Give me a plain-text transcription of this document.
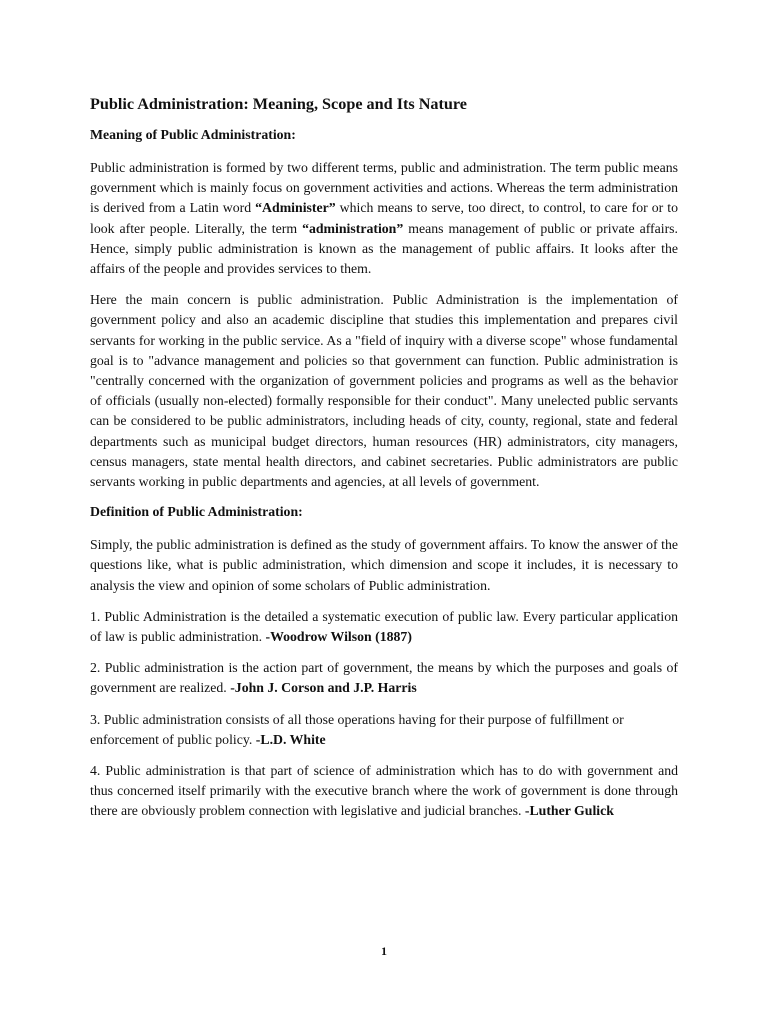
Public Administration: Meaning, Scope and Its Nature
Meaning of Public Administration:

Public administration is formed by two different terms, public and administration. The term public means government which is mainly focus on government activities and actions. Whereas the term administration is derived from a Latin word “Administer” which means to serve, too direct, to control, to care for or to look after people. Literally, the term “administration” means management of public or private affairs. Hence, simply public administration is known as the management of public affairs. It looks after the affairs of the people and provides services to them.

Here the main concern is public administration. Public Administration is the implementation of government policy and also an academic discipline that studies this implementation and prepares civil servants for working in the public service. As a "field of inquiry with a diverse scope" whose fundamental goal is to "advance management and policies so that government can function. Public administration is "centrally concerned with the organization of government policies and programs as well as the behavior of officials (usually non-elected) formally responsible for their conduct". Many unelected public servants can be considered to be public administrators, including heads of city, county, regional, state and federal departments such as municipal budget directors, human resources (HR) administrators, city managers, census managers, state mental health directors, and cabinet secretaries. Public administrators are public servants working in public departments and agencies, at all levels of government.

Definition of Public Administration:

Simply, the public administration is defined as the study of government affairs. To know the answer of the questions like, what is public administration, which dimension and scope it includes, it is necessary to analysis the view and opinion of some scholars of Public administration.

1. Public Administration is the detailed a systematic execution of public law. Every particular application of law is public administration. -Woodrow Wilson (1887)

2. Public administration is the action part of government, the means by which the purposes and goals of government are realized. -John J. Corson and J.P. Harris

3. Public administration consists of all those operations having for their purpose of fulfillment or enforcement of public policy. -L.D. White

4. Public administration is that part of science of administration which has to do with government and thus concerned itself primarily with the executive branch where the work of government is done through there are obviously problem connection with legislative and judicial branches. -Luther Gulick

1
